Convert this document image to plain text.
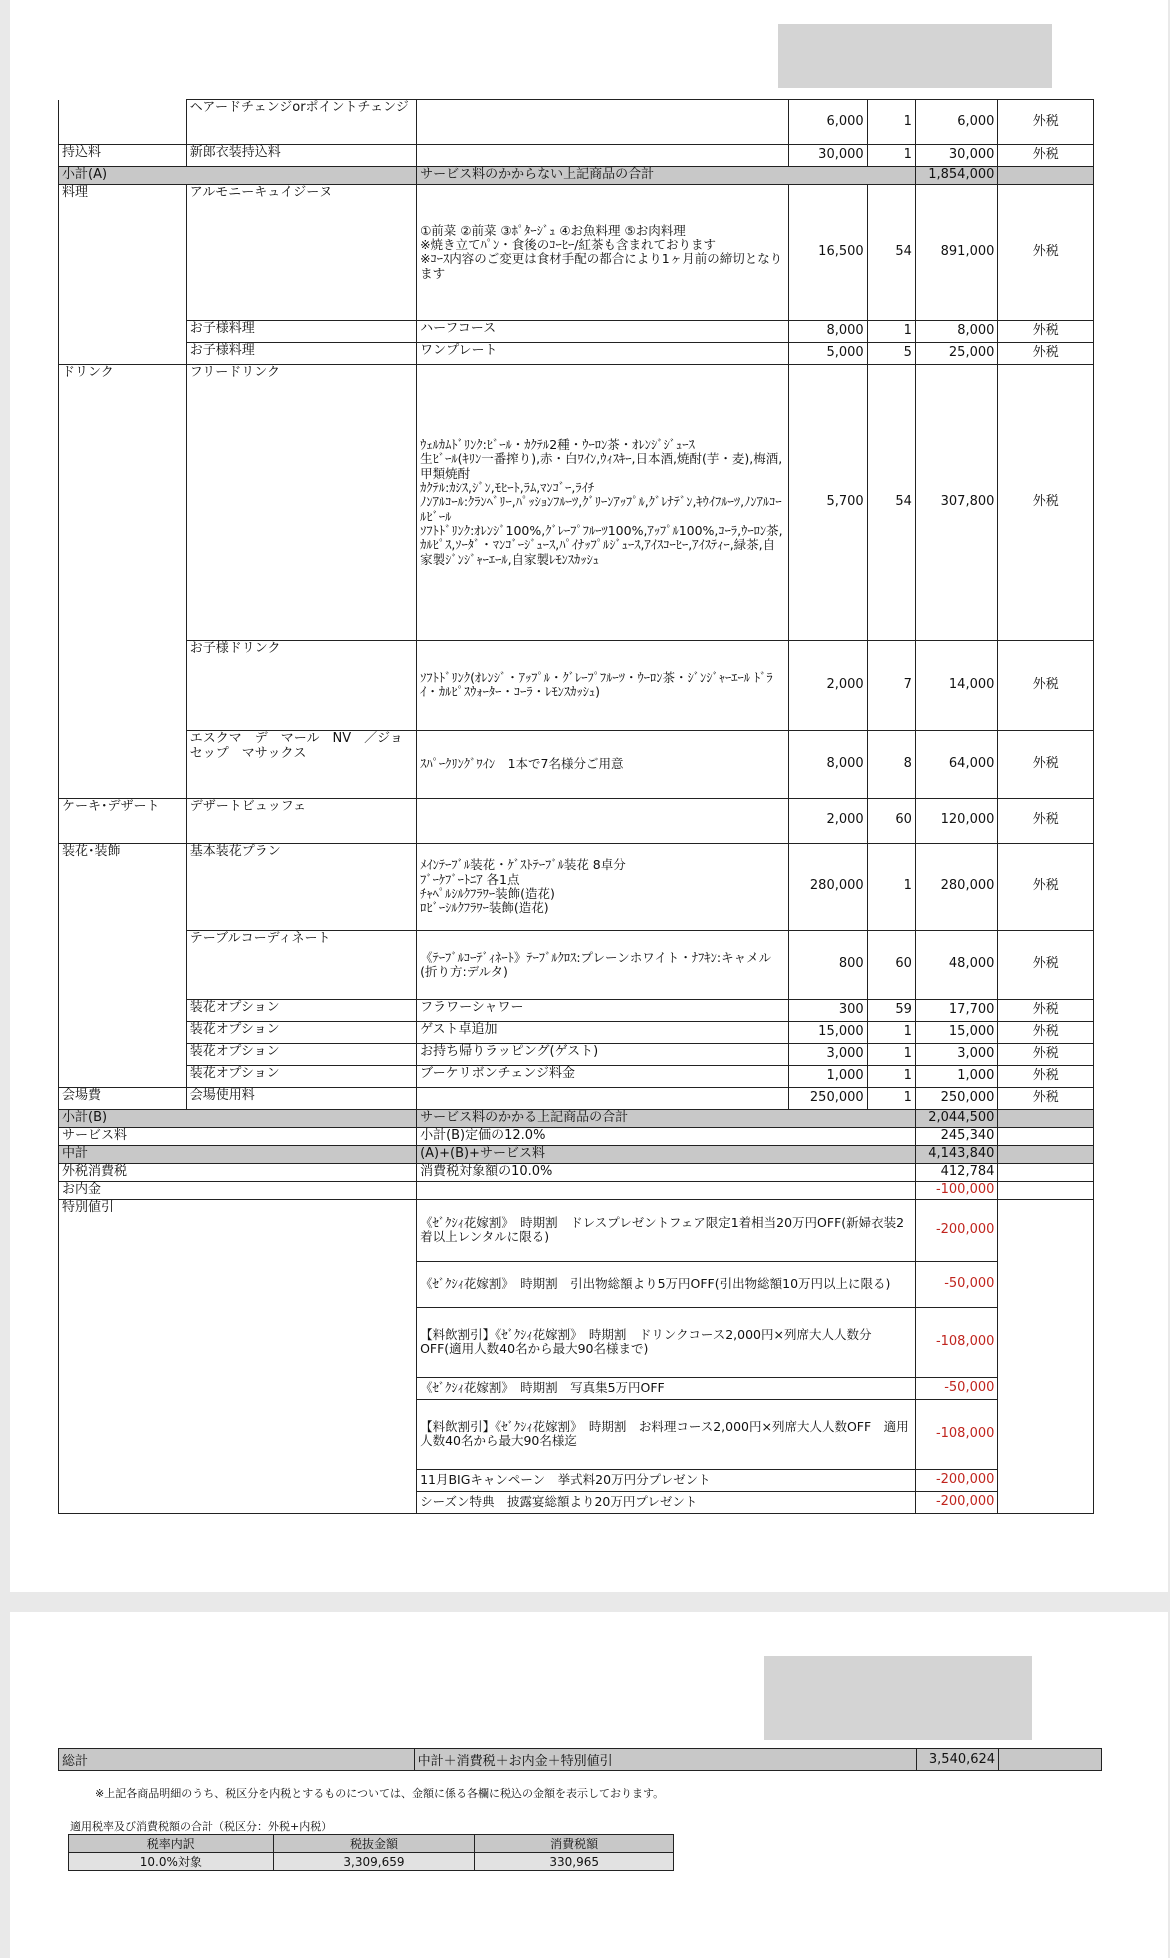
	ヘアードチェンジorポイントチェンジ		6,000	1	6,000	外税
持込料	新郎衣装持込料		30,000	1	30,000	外税
小計(A)		サービス料のかからない上記商品の合計			1,854,000	
料理	アルモニーキュイジーヌ	①前菜 ②前菜 ③ﾎﾟﾀｰｼﾞｭ ④お魚料理 ⑤お肉料理
※焼き立てﾊﾟﾝ・食後のｺｰﾋｰ/紅茶も含まれております
※ｺｰｽ内容のご変更は食材手配の都合により1ヶ月前の締切となります	16,500	54	891,000	外税
	お子様料理	ハーフコース	8,000	1	8,000	外税
	お子様料理	ワンプレート	5,000	5	25,000	外税
ドリンク	フリードリンク	ｳｪﾙｶﾑﾄﾞﾘﾝｸ:ﾋﾞｰﾙ・ｶｸﾃﾙ2種・ｳｰﾛﾝ茶・ｵﾚﾝｼﾞｼﾞｭｰｽ
生ﾋﾞｰﾙ(ｷﾘﾝ一番搾り),赤・白ﾜｲﾝ,ｳｨｽｷｰ,日本酒,焼酎(芋・麦),梅酒,甲類焼酎
ｶｸﾃﾙ:ｶｼｽ,ｼﾞﾝ,ﾓﾋｰﾄ,ﾗﾑ,ﾏﾝｺﾞｰ,ﾗｲﾁ
ﾉﾝｱﾙｺｰﾙ:ｸﾗﾝﾍﾞﾘｰ,ﾊﾟｯｼｮﾝﾌﾙｰﾂ,ｸﾞﾘｰﾝｱｯﾌﾟﾙ,ｸﾞﾚﾅﾃﾞﾝ,ｷｳｲﾌﾙｰﾂ,ﾉﾝｱﾙｺｰﾙﾋﾞｰﾙ
ｿﾌﾄﾄﾞﾘﾝｸ:ｵﾚﾝｼﾞ100%,ｸﾞﾚｰﾌﾟﾌﾙｰﾂ100%,ｱｯﾌﾟﾙ100%,ｺｰﾗ,ｳｰﾛﾝ茶,ｶﾙﾋﾟｽ,ｿｰﾀﾞ・ﾏﾝｺﾞｰｼﾞｭｰｽ,ﾊﾟｲﾅｯﾌﾟﾙｼﾞｭｰｽ,ｱｲｽｺｰﾋｰ,ｱｲｽﾃｨｰ,緑茶,自家製ｼﾞﾝｼﾞｬｰｴｰﾙ,自家製ﾚﾓﾝｽｶｯｼｭ	5,700	54	307,800	外税
	お子様ドリンク	ｿﾌﾄﾄﾞﾘﾝｸ(ｵﾚﾝｼﾞ・ｱｯﾌﾟﾙ・ｸﾞﾚｰﾌﾟﾌﾙｰﾂ・ｳｰﾛﾝ茶・ｼﾞﾝｼﾞｬｰｴｰﾙ ﾄﾞﾗｲ・ｶﾙﾋﾟｽｳｫｰﾀｰ・ｺｰﾗ・ﾚﾓﾝｽｶｯｼｭ)	2,000	7	14,000	外税
	エスクマ　デ　マール　NV　／ジョセップ　マサックス	ｽﾊﾟｰｸﾘﾝｸﾞﾜｲﾝ　1本で7名様分ご用意	8,000	8	64,000	外税
ケーキ･デザート	デザートビュッフェ		2,000	60	120,000	外税
装花･装飾	基本装花プラン	ﾒｲﾝﾃｰﾌﾞﾙ装花・ｹﾞｽﾄﾃｰﾌﾞﾙ装花 8卓分
ﾌﾞｰｹﾌﾞｰﾄﾆｱ 各1点
ﾁｬﾍﾟﾙｼﾙｸﾌﾗﾜｰ装飾(造花)
ﾛﾋﾞｰｼﾙｸﾌﾗﾜｰ装飾(造花)	280,000	1	280,000	外税
	テーブルコーディネート	《ﾃｰﾌﾞﾙｺｰﾃﾞｨﾈｰﾄ》ﾃｰﾌﾞﾙｸﾛｽ:プレーンホワイト・ﾅﾌｷﾝ:キャメル(折り方:デルタ)	800	60	48,000	外税
	装花オプション	フラワーシャワー	300	59	17,700	外税
	装花オプション	ゲスト卓追加	15,000	1	15,000	外税
	装花オプション	お持ち帰りラッピング(ゲスト)	3,000	1	3,000	外税
	装花オプション	ブーケリボンチェンジ料金	1,000	1	1,000	外税
会場費	会場使用料		250,000	1	250,000	外税
小計(B)		サービス料のかかる上記商品の合計			2,044,500	
サービス料		小計(B)定価の12.0%			245,340	
中計		(A)+(B)+サービス料			4,143,840	
外税消費税		消費税対象額の10.0%			412,784	
お内金					-100,000	
特別値引		《ｾﾞｸｼｨ花嫁割》　時期割　ドレスプレゼントフェア限定1着相当20万円OFF(新婦衣装2着以上レンタルに限る)			-200,000	
		《ｾﾞｸｼｨ花嫁割》　時期割　引出物総額より5万円OFF(引出物総額10万円以上に限る)			-50,000	
		【料飲割引】《ｾﾞｸｼｨ花嫁割》　時期割　ドリンクコース2,000円×列席大人人数分OFF(適用人数40名から最大90名様まで)			-108,000	
		《ｾﾞｸｼｨ花嫁割》　時期割　写真集5万円OFF			-50,000	
		【料飲割引】《ｾﾞｸｼｨ花嫁割》　時期割　お料理コース2,000円×列席大人人数OFF　適用人数40名から最大90名様迄			-108,000	
		11月BIGキャンペーン　挙式料20万円分プレゼント			-200,000	
		シーズン特典　披露宴総額より20万円プレゼント			-200,000	
総計	中計＋消費税＋お内金＋特別値引	3,540,624	
※上記各商品明細のうち、税区分を内税とするものについては、金額に係る各欄に税込の金額を表示しております。
適用税率及び消費税額の合計（税区分：外税+内税）
税率内訳	税抜金額	消費税額
10.0%対象	3,309,659	330,965
